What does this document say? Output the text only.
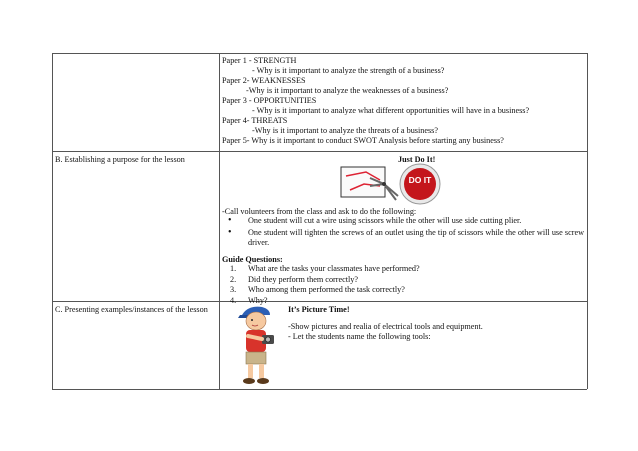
Paper 1 - STRENGTH
- Why is it important to analyze the strength of a business?
Paper 2- WEAKNESSES
-Why is it important to analyze the weaknesses of a business?
Paper 3 - OPPORTUNITIES
- Why is it important to analyze what different opportunities will have in a business?
Paper 4- THREATS
-Why is it important to analyze the threats of a business?
Paper 5- Why is it important to conduct SWOT Analysis before starting any business?
B. Establishing a purpose for the lesson	Just Do It!
DO IT
-Call volunteers from the class and ask to do the following:
• One student will cut a wire using scissors while the other will use side cutting plier.
• One student will tighten the screws of an outlet using the tip of scissors while the other will use screw driver.
Guide Questions:
1. What are the tasks your classmates have performed?
2. Did they perform them correctly?
3. Who among them performed the task correctly?
4. Why?
C. Presenting examples/instances of the lesson	It’s Picture Time!
-Show pictures and realia of electrical tools and equipment.
- Let the students name the following tools:
